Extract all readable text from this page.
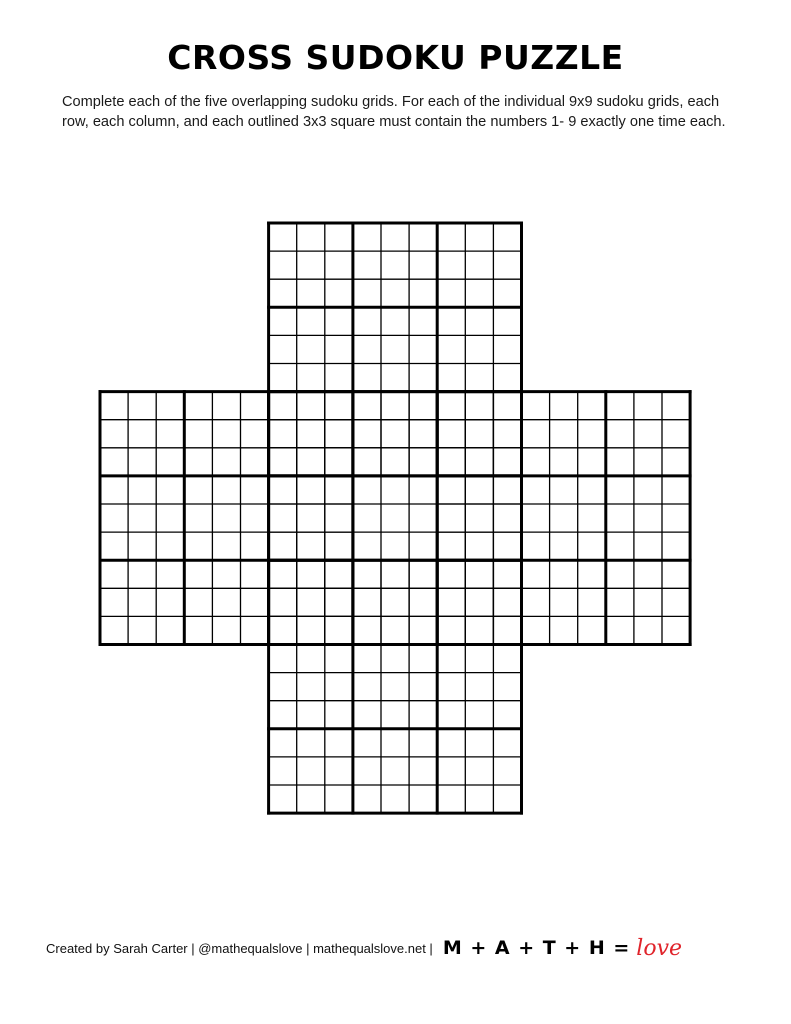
CROSS SUDOKU PUZZLE
Complete each of the five overlapping sudoku grids. For each of the individual 9x9 sudoku grids, each row, each column, and each outlined 3x3 square must contain the numbers 1- 9 exactly one time each.
Created by Sarah Carter | @mathequalslove | mathequalslove.net | M + A + T + H = love
